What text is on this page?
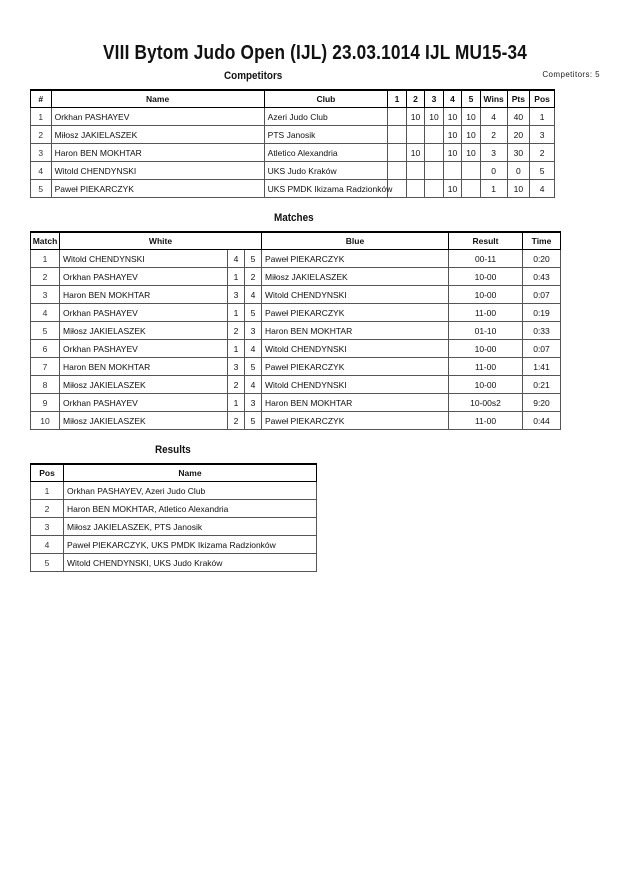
VIII Bytom Judo Open (IJL) 23.03.1014 IJL MU15-34
Competitors	Competitors: 5
#	Name	Club	1	2	3	4	5	Wins	Pts	Pos
1	Orkhan PASHAYEV	Azeri Judo Club		10	10	10	10	4	40	1
2	Miłosz JAKIELASZEK	PTS Janosik				10	10	2	20	3
3	Haron BEN MOKHTAR	Atletico Alexandria		10		10	10	3	30	2
4	Witold CHENDYNSKI	UKS Judo Kraków						0	0	5
5	Paweł PIEKARCZYK	UKS PMDK Ikizama Radzionków				10		1	10	4
Matches
Match	White			Blue	Result	Time
1	Witold CHENDYNSKI	4	5	Paweł PIEKARCZYK	00-11	0:20
2	Orkhan PASHAYEV	1	2	Miłosz JAKIELASZEK	10-00	0:43
3	Haron BEN MOKHTAR	3	4	Witold CHENDYNSKI	10-00	0:07
4	Orkhan PASHAYEV	1	5	Paweł PIEKARCZYK	11-00	0:19
5	Miłosz JAKIELASZEK	2	3	Haron BEN MOKHTAR	01-10	0:33
6	Orkhan PASHAYEV	1	4	Witold CHENDYNSKI	10-00	0:07
7	Haron BEN MOKHTAR	3	5	Paweł PIEKARCZYK	11-00	1:41
8	Miłosz JAKIELASZEK	2	4	Witold CHENDYNSKI	10-00	0:21
9	Orkhan PASHAYEV	1	3	Haron BEN MOKHTAR	10-00s2	9:20
10	Miłosz JAKIELASZEK	2	5	Paweł PIEKARCZYK	11-00	0:44
Results
Pos	Name
1	Orkhan PASHAYEV, Azeri Judo Club
2	Haron BEN MOKHTAR, Atletico Alexandria
3	Miłosz JAKIELASZEK, PTS Janosik
4	Paweł PIEKARCZYK, UKS PMDK Ikizama Radzionków
5	Witold CHENDYNSKI, UKS Judo Kraków
